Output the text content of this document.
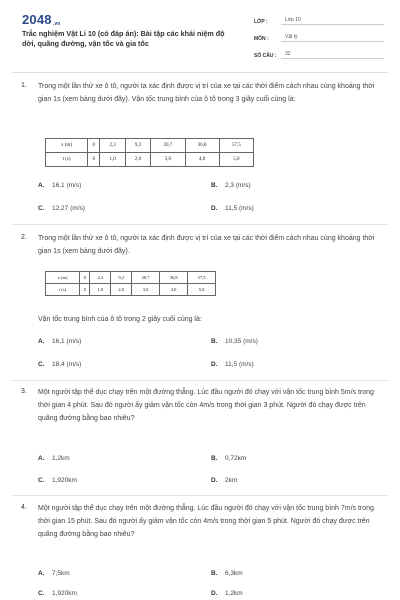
2048.vn
Trắc nghiệm Vật Lí 10 (có đáp án): Bài tập các khái niệm độ dời, quãng đường, vận tốc và gia tốc
LỚP :	Lớp 10
MÔN :	Vật lý
SỐ CÂU :	32
1. Trong một lần thử xe ô tô, người ta xác định được vị trí của xe tại các thời điểm cách nhau cùng khoảng thời gian 1s (xem bảng dưới đây). Vận tốc trung bình của ô tô trong 3 giây cuối cùng là:
x (m)	0	2,3	9,2	20,7	36,8	57,5
t (s)	0	1,0	2,0	3,0	4,0	5,0
A. 16,1 (m/s)	B. 2,3 (m/s)
C. 12,27 (m/s)	D. 11,5 (m/s)
2. Trong một lần thử xe ô tô, người ta xác định được vị trí của xe tại các thời điểm cách nhau cùng khoảng thời gian 1s (xem bảng dưới đây).
x (m)	0	2,3	9,2	20,7	36,8	57,5
t (s)	0	1,0	2,0	3,0	4,0	5,0
Vận tốc trung bình của ô tô trong 2 giây cuối cùng là:
A. 16,1 (m/s)	B. 10,35 (m/s)
C. 18,4 (m/s)	D. 11,5 (m/s)
3. Một người tập thể dục chạy trên một đường thẳng. Lúc đầu người đó chạy với vận tốc trung bình 5m/s trong thời gian 4 phút. Sau đó người ấy giảm vận tốc còn 4m/s trong thời gian 3 phút. Người đó chạy được trên quãng đường bằng bao nhiêu?
A. 1,2km	B. 0,72km
C. 1,920km	D. 2km
4. Một người tập thể dục chạy trên một đường thẳng. Lúc đầu người đó chạy với vận tốc trung bình 7m/s trong thời gian 15 phút. Sau đó người ấy giảm vận tốc còn 4m/s trong thời gian 5 phút. Người đó chạy được trên quãng đường bằng bao nhiêu?
A. 7,5km	B. 6,3km
C. 1,920km	D. 1,2km
